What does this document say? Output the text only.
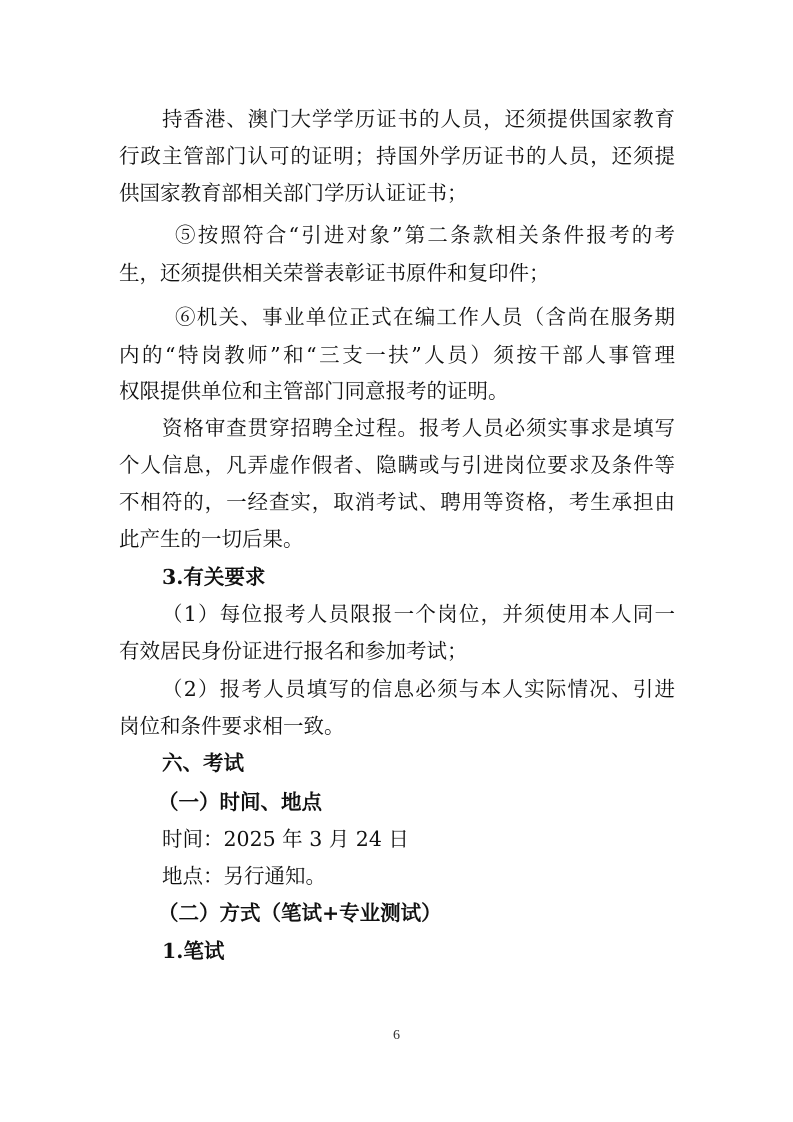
持香港、澳门大学学历证书的人员，还须提供国家教育
行政主管部门认可的证明；持国外学历证书的人员，还须提
供国家教育部相关部门学历认证证书；
⑤按照符合“引进对象”第二条款相关条件报考的考
生，还须提供相关荣誉表彰证书原件和复印件；
⑥机关、事业单位正式在编工作人员（含尚在服务期
内的“特岗教师”和“三支一扶”人员）须按干部人事管理
权限提供单位和主管部门同意报考的证明。
资格审查贯穿招聘全过程。报考人员必须实事求是填写
个人信息，凡弄虚作假者、隐瞒或与引进岗位要求及条件等
不相符的，一经查实，取消考试、聘用等资格，考生承担由
此产生的一切后果。
3.有关要求
（1）每位报考人员限报一个岗位，并须使用本人同一
有效居民身份证进行报名和参加考试；
（2）报考人员填写的信息必须与本人实际情况、引进
岗位和条件要求相一致。
六、考试
（一）时间、地点
时间：2025 年 3 月 24 日
地点：另行通知。
（二）方式（笔试+专业测试）
1.笔试
6
